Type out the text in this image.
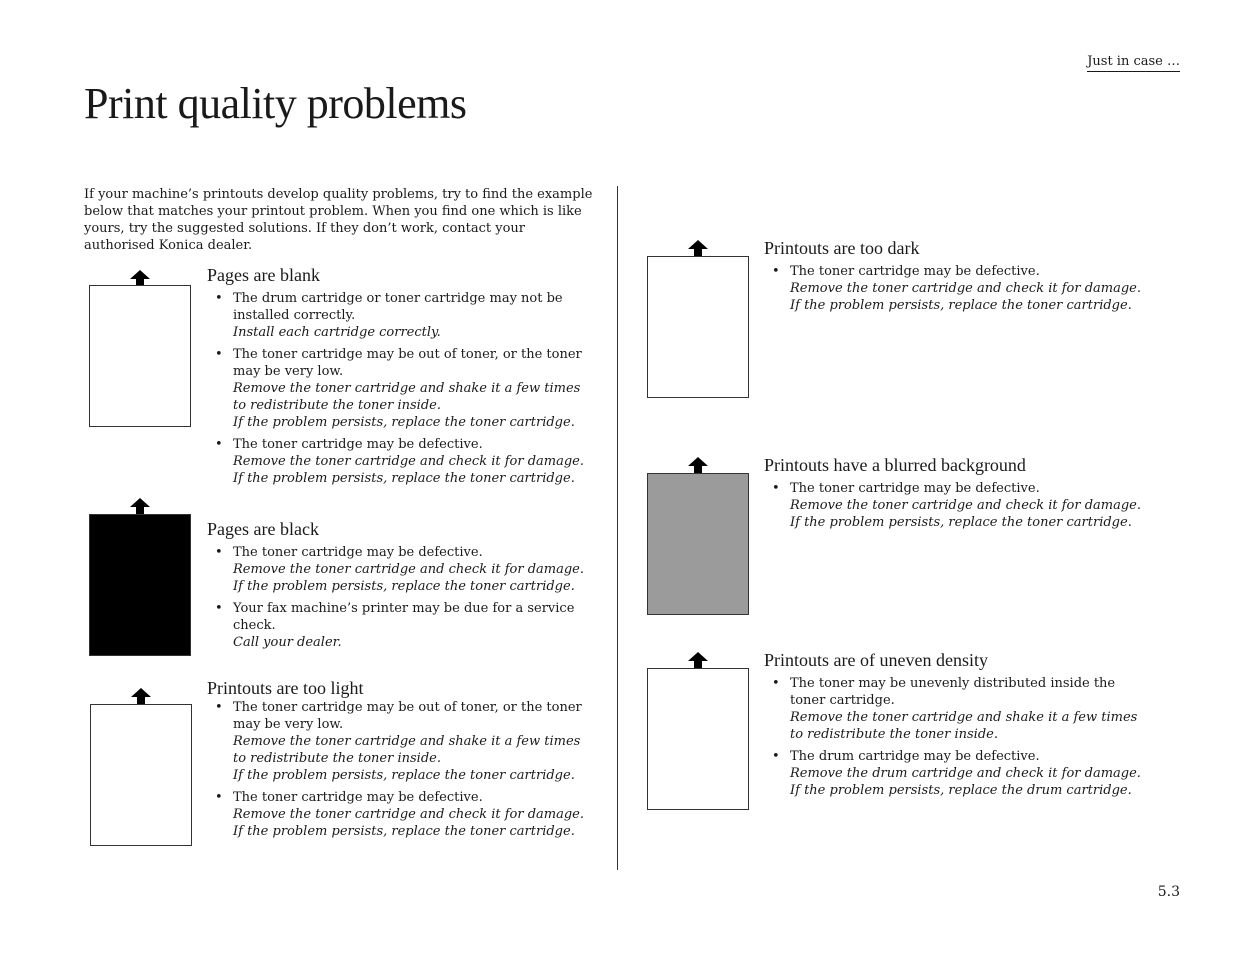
Just in case …
Print quality problems

If your machine’s printouts develop quality problems, try to find the example below that matches your printout problem. When you find one which is like yours, try the suggested solutions. If they don’t work, contact your authorised Konica dealer.

5.3
Pages are blank
• The drum cartridge or toner cartridge may not be installed correctly.
Install each cartridge correctly.
• The toner cartridge may be out of toner, or the toner may be very low.
Remove the toner cartridge and shake it a few times to redistribute the toner inside.
If the problem persists, replace the toner cartridge.
• The toner cartridge may be defective.
Remove the toner cartridge and check it for damage.
If the problem persists, replace the toner cartridge.
Pages are black
• The toner cartridge may be defective.
Remove the toner cartridge and check it for damage.
If the problem persists, replace the toner cartridge.
• Your fax machine’s printer may be due for a service check.
Call your dealer.
Printouts are too light
• The toner cartridge may be out of toner, or the toner may be very low.
Remove the toner cartridge and shake it a few times to redistribute the toner inside.
If the problem persists, replace the toner cartridge.
• The toner cartridge may be defective.
Remove the toner cartridge and check it for damage.
If the problem persists, replace the toner cartridge.
Printouts are too dark
• The toner cartridge may be defective.
Remove the toner cartridge and check it for damage.
If the problem persists, replace the toner cartridge.
Printouts have a blurred background
• The toner cartridge may be defective.
Remove the toner cartridge and check it for damage.
If the problem persists, replace the toner cartridge.
Printouts are of uneven density
• The toner may be unevenly distributed inside the toner cartridge.
Remove the toner cartridge and shake it a few times to redistribute the toner inside.
• The drum cartridge may be defective.
Remove the drum cartridge and check it for damage.
If the problem persists, replace the drum cartridge.
